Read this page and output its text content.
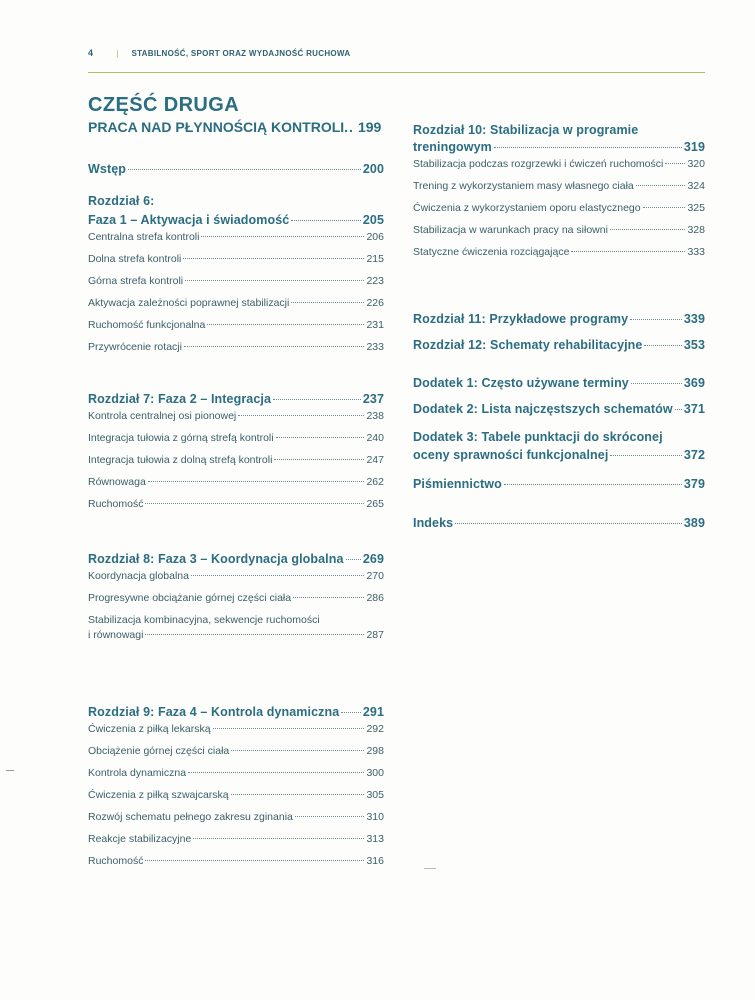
4	| STABILNOŚĆ, SPORT ORAZ WYDAJNOŚĆ RUCHOWA
CZĘŚĆ DRUGA
PRACA NAD PŁYNNOŚCIĄ KONTROLI .. 199
Wstęp	200
Rozdział 6:
Faza 1 – Aktywacja i świadomość	205
Centralna strefa kontroli	206
Dolna strefa kontroli	215
Górna strefa kontroli	223
Aktywacja zależności poprawnej stabilizacji	226
Ruchomość funkcjonalna	231
Przywrócenie rotacji	233
Rozdział 7: Faza 2 – Integracja	237
Kontrola centralnej osi pionowej	238
Integracja tułowia z górną strefą kontroli	240
Integracja tułowia z dolną strefą kontroli	247
Równowaga	262
Ruchomość	265
Rozdział 8: Faza 3 – Koordynacja globalna 269
Koordynacja globalna	270
Progresywne obciążanie górnej części ciała	286
Stabilizacja kombinacyjna, sekwencje ruchomości
i równowagi	287
Rozdział 9: Faza 4 – Kontrola dynamiczna 291
Ćwiczenia z piłką lekarską	292
Obciążenie górnej części ciała	298
Kontrola dynamiczna	300
Ćwiczenia z piłką szwajcarską	305
Rozwój schematu pełnego zakresu zginania	310
Reakcje stabilizacyjne	313
Ruchomość	316
Rozdział 10: Stabilizacja w programie
treningowym	319
Stabilizacja podczas rozgrzewki i ćwiczeń ruchomości 320
Trening z wykorzystaniem masy własnego ciała	324
Ćwiczenia z wykorzystaniem oporu elastycznego	325
Stabilizacja w warunkach pracy na siłowni	328
Statyczne ćwiczenia rozciągające	333
Rozdział 11: Przykładowe programy	339
Rozdział 12: Schematy rehabilitacyjne	353
Dodatek 1: Często używane terminy	369
Dodatek 2: Lista najczęstszych schematów 371
Dodatek 3: Tabele punktacji do skróconej
oceny sprawności funkcjonalnej	372
Piśmiennictwo	379
Indeks	389
